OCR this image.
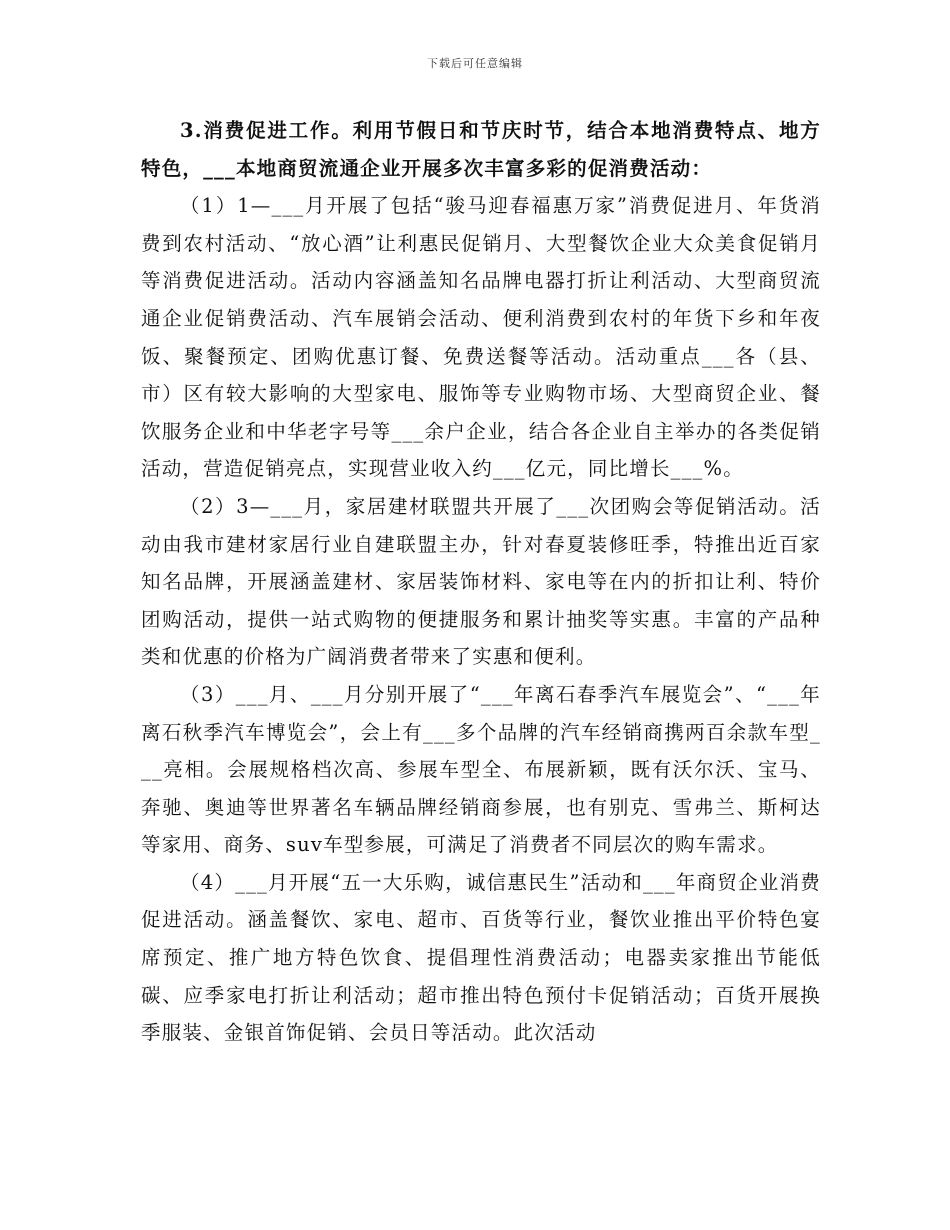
下载后可任意编辑

3.消费促进工作。利用节假日和节庆时节，结合本地消费特点、地方特色，___本地商贸流通企业开展多次丰富多彩的促消费活动：

（1）1—___月开展了包括“骏马迎春福惠万家”消费促进月、年货消费到农村活动、“放心酒”让利惠民促销月、大型餐饮企业大众美食促销月等消费促进活动。活动内容涵盖知名品牌电器打折让利活动、大型商贸流通企业促销费活动、汽车展销会活动、便利消费到农村的年货下乡和年夜饭、聚餐预定、团购优惠订餐、免费送餐等活动。活动重点___各（县、市）区有较大影响的大型家电、服饰等专业购物市场、大型商贸企业、餐饮服务企业和中华老字号等___余户企业，结合各企业自主举办的各类促销活动，营造促销亮点，实现营业收入约___亿元，同比增长___%。

（2）3—___月，家居建材联盟共开展了___次团购会等促销活动。活动由我市建材家居行业自建联盟主办，针对春夏装修旺季，特推出近百家知名品牌，开展涵盖建材、家居装饰材料、家电等在内的折扣让利、特价团购活动，提供一站式购物的便捷服务和累计抽奖等实惠。丰富的产品种类和优惠的价格为广阔消费者带来了实惠和便利。

（3）___月、___月分别开展了“___年离石春季汽车展览会”、“___年离石秋季汽车博览会”，会上有___多个品牌的汽车经销商携两百余款车型___亮相。会展规格档次高、参展车型全、布展新颖，既有沃尔沃、宝马、奔驰、奥迪等世界著名车辆品牌经销商参展，也有别克、雪弗兰、斯柯达等家用、商务、suv车型参展，可满足了消费者不同层次的购车需求。

（4）___月开展“五一大乐购，诚信惠民生”活动和___年商贸企业消费促进活动。涵盖餐饮、家电、超市、百货等行业，餐饮业推出平价特色宴席预定、推广地方特色饮食、提倡理性消费活动；电器卖家推出节能低碳、应季家电打折让利活动；超市推出特色预付卡促销活动；百货开展换季服装、金银首饰促销、会员日等活动。此次活动
